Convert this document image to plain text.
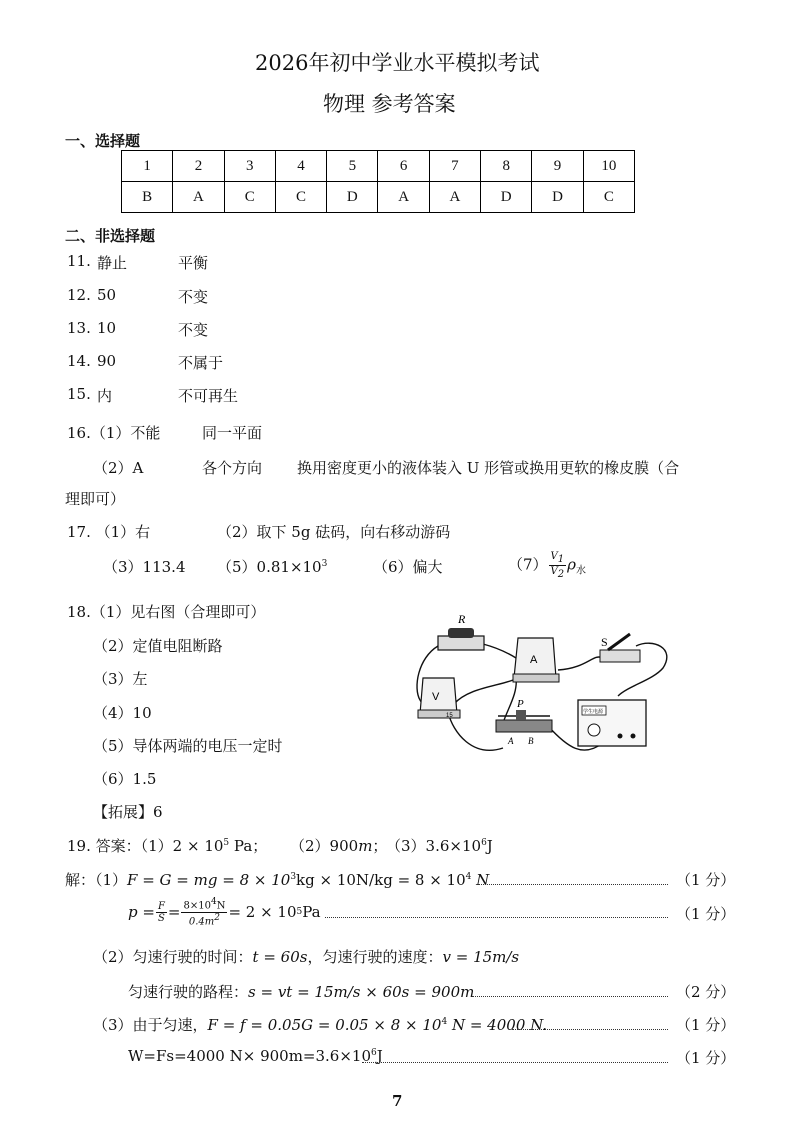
2026年初中学业水平模拟考试
物理 参考答案
一、选择题
1	2	3	4	5	6	7	8	9	10
B	A	C	C	D	A	A	D	D	C
二、非选择题
11. 静止	平衡
12. 50	不变
13. 10	不变
14. 90	不属于
15. 内	不可再生
16.（1）不能	同一平面
（2）A	各个方向 换用密度更小的液体装入 U 形管或换用更软的橡皮膜（合
理即可）
17. （1）右	（2）取下 5g 砝码，向右移动游码
（3）113.4 $(5)0.81\times 10^3$	（6）偏大	$(7) \frac{V_1}{V_2} \rho_水$
18.（1）见右图（合理即可）
（2）定值电阻断路
（3）左
（4）10
（5）导体两端的电压一定时
（6）1.5
【拓展】6
R
A
S
V
15
P
A B
学生电源
19. 答案：$(1)2 \times 10^5$ Pa； （2）900m；
$(3)3.6\times 10^6J$
解：（1）F = G = mg = $8 \times 10^3kg \times 10N/kg = 8 \times 10^4$ N	（1 分）
$p = \frac{F}{S} = \frac{8\times 10^4N}{0.4m^2} = 2 \times 10$ 5 Pa	（1 分）
（2）匀速行驶的时间：t = 60s，匀速行驶的速度：v = 15m/s
匀速行驶的路程：s = vt = 15m/s × 60s = 900m	（2 分）
（3）由于匀速，$F = f = 0.05G = 0.05 \times 8 \times 10^4$ N = 4000 N.	（1 分）
W=Fs=4000 $N\times 900m=3.6\times 10^6J$	（1 分）
7
